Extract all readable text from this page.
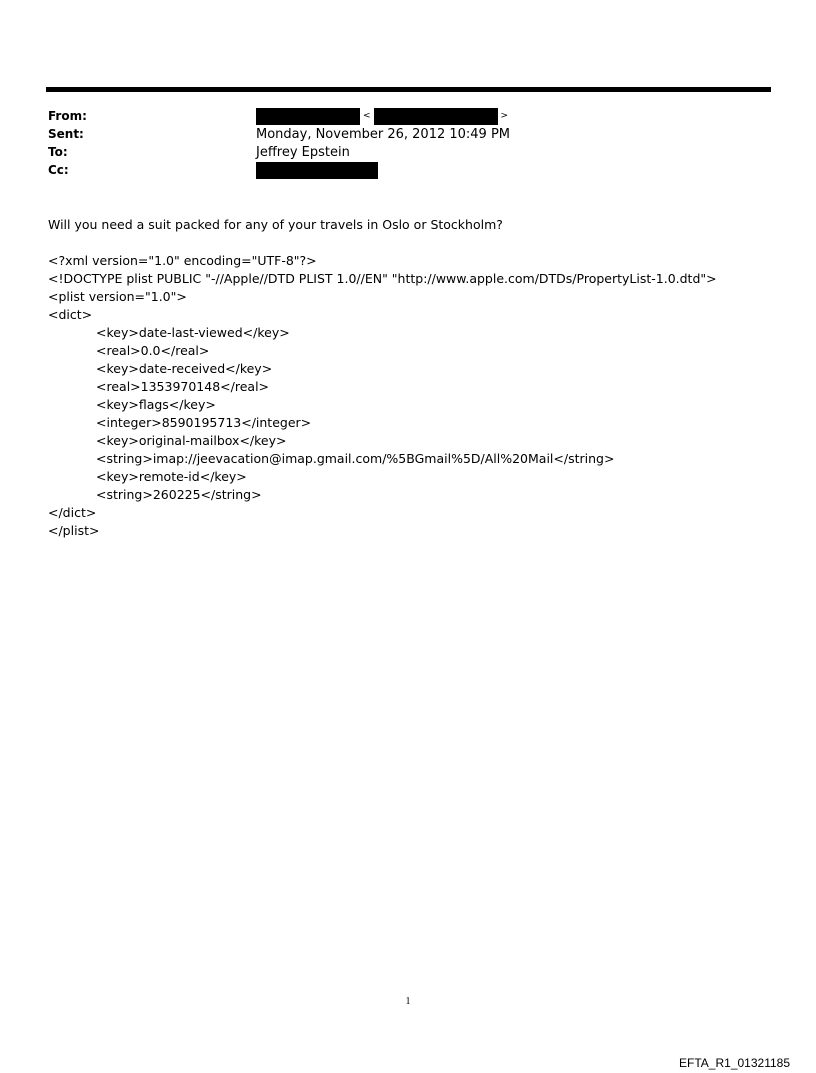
From:	<	>
Sent:	Monday, November 26, 2012 10:49 PM
To:	Jeffrey Epstein
Cc:
Will you need a suit packed for any of your travels in Oslo or Stockholm?
<?xml version="1.0" encoding="UTF-8"?>
<!DOCTYPE plist PUBLIC "-//Apple//DTD PLIST 1.0//EN" "http://www.apple.com/DTDs/PropertyList-1.0.dtd">
<plist version="1.0">
<dict>
<key>date-last-viewed</key>
<real>0.0</real>
<key>date-received</key>
<real>1353970148</real>
<key>flags</key>
<integer>8590195713</integer>
<key>original-mailbox</key>
<string>imap://jeevacation@imap.gmail.com/%5BGmail%5D/All%20Mail</string>
<key>remote-id</key>
<string>260225</string>
</dict>
</plist>
1
EFTA_R1_01321185
